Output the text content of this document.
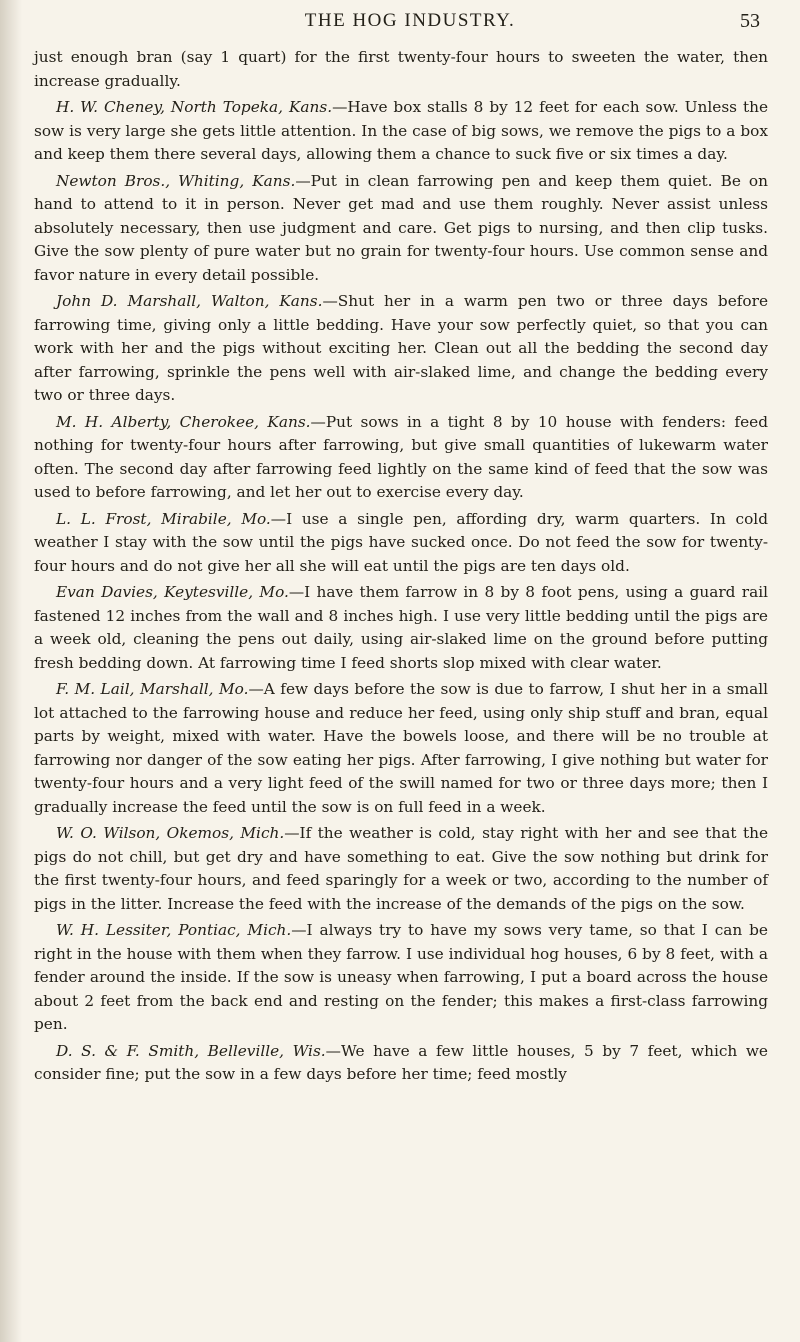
THE HOG INDUSTRY.	53

just enough bran (say 1 quart) for the first twenty-four hours to sweeten the water, then increase gradually.

H. W. Cheney, North Topeka, Kans.—Have box stalls 8 by 12 feet for each sow. Unless the sow is very large she gets little attention. In the case of big sows, we remove the pigs to a box and keep them there several days, allowing them a chance to suck five or six times a day.

Newton Bros., Whiting, Kans.—Put in clean farrowing pen and keep them quiet. Be on hand to attend to it in person. Never get mad and use them roughly. Never assist unless absolutely necessary, then use judgment and care. Get pigs to nursing, and then clip tusks. Give the sow plenty of pure water but no grain for twenty-four hours. Use common sense and favor nature in every detail possible.

John D. Marshall, Walton, Kans.—Shut her in a warm pen two or three days before farrowing time, giving only a little bedding. Have your sow perfectly quiet, so that you can work with her and the pigs without exciting her. Clean out all the bedding the second day after farrowing, sprinkle the pens well with air-slaked lime, and change the bedding every two or three days.

M. H. Alberty, Cherokee, Kans.—Put sows in a tight 8 by 10 house with fenders: feed nothing for twenty-four hours after farrowing, but give small quantities of lukewarm water often. The second day after farrowing feed lightly on the same kind of feed that the sow was used to before farrowing, and let her out to exercise every day.

L. L. Frost, Mirabile, Mo.—I use a single pen, affording dry, warm quarters. In cold weather I stay with the sow until the pigs have sucked once. Do not feed the sow for twenty-four hours and do not give her all she will eat until the pigs are ten days old.

Evan Davies, Keytesville, Mo.—I have them farrow in 8 by 8 foot pens, using a guard rail fastened 12 inches from the wall and 8 inches high. I use very little bedding until the pigs are a week old, cleaning the pens out daily, using air-slaked lime on the ground before putting fresh bedding down. At farrowing time I feed shorts slop mixed with clear water.

F. M. Lail, Marshall, Mo.—A few days before the sow is due to farrow, I shut her in a small lot attached to the farrowing house and reduce her feed, using only ship stuff and bran, equal parts by weight, mixed with water. Have the bowels loose, and there will be no trouble at farrowing nor danger of the sow eating her pigs. After farrowing, I give nothing but water for twenty-four hours and a very light feed of the swill named for two or three days more; then I gradually increase the feed until the sow is on full feed in a week.

W. O. Wilson, Okemos, Mich.—If the weather is cold, stay right with her and see that the pigs do not chill, but get dry and have something to eat. Give the sow nothing but drink for the first twenty-four hours, and feed sparingly for a week or two, according to the number of pigs in the litter. Increase the feed with the increase of the demands of the pigs on the sow.

W. H. Lessiter, Pontiac, Mich.—I always try to have my sows very tame, so that I can be right in the house with them when they farrow. I use individual hog houses, 6 by 8 feet, with a fender around the inside. If the sow is uneasy when farrowing, I put a board across the house about 2 feet from the back end and resting on the fender; this makes a first-class farrowing pen.

D. S. & F. Smith, Belleville, Wis.—We have a few little houses, 5 by 7 feet, which we consider fine; put the sow in a few days before her time; feed mostly
